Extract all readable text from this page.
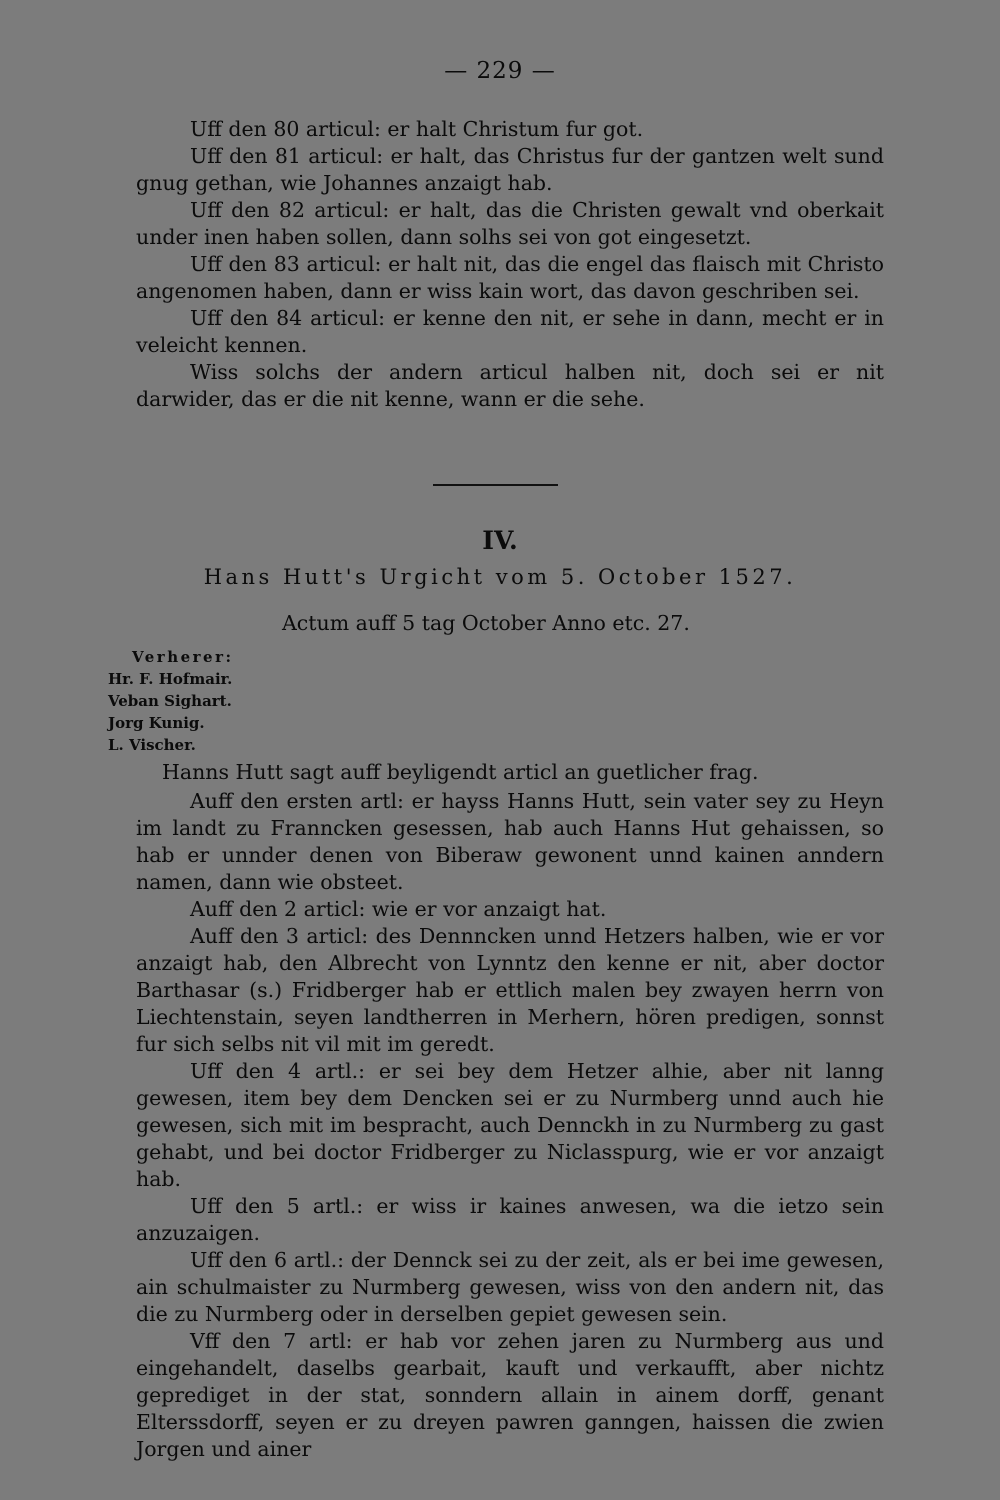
— 229 —

Uff den 80 articul: er halt Christum fur got.

Uff den 81 articul: er halt, das Christus fur der gantzen welt sund gnug gethan, wie Johannes anzaigt hab.

Uff den 82 articul: er halt, das die Christen gewalt vnd oberkait under inen haben sollen, dann solhs sei von got eingesetzt.

Uff den 83 articul: er halt nit, das die engel das flaisch mit Christo angenomen haben, dann er wiss kain wort, das davon geschriben sei.

Uff den 84 articul: er kenne den nit, er sehe in dann, mecht er in veleicht kennen.

Wiss solchs der andern articul halben nit, doch sei er nit darwider, das er die nit kenne, wann er die sehe.

IV.
Hans Hutt's Urgicht vom 5. October 1527.
Actum auff 5 tag October Anno etc. 27.
Verherer:
Hr. F. Hofmair.
Veban Sighart.
Jorg Kunig.
L. Vischer.
Hanns Hutt sagt auff beyligendt articl an guetlicher frag.

Auff den ersten artl: er hayss Hanns Hutt, sein vater sey zu Heyn im landt zu Franncken gesessen, hab auch Hanns Hut gehaissen, so hab er unnder denen von Biberaw gewonent unnd kainen anndern namen, dann wie obsteet.

Auff den 2 articl: wie er vor anzaigt hat.

Auff den 3 articl: des Dennncken unnd Hetzers halben, wie er vor anzaigt hab, den Albrecht von Lynntz den kenne er nit, aber doctor Barthasar (s.) Fridberger hab er ettlich malen bey zwayen herrn von Liechtenstain, seyen landtherren in Merhern, hören predigen, sonnst fur sich selbs nit vil mit im geredt.

Uff den 4 artl.: er sei bey dem Hetzer alhie, aber nit lanng gewesen, item bey dem Dencken sei er zu Nurmberg unnd auch hie gewesen, sich mit im bespracht, auch Dennckh in zu Nurmberg zu gast gehabt, und bei doctor Fridberger zu Niclasspurg, wie er vor anzaigt hab.

Uff den 5 artl.: er wiss ir kaines anwesen, wa die ietzo sein anzuzaigen.

Uff den 6 artl.: der Dennck sei zu der zeit, als er bei ime gewesen, ain schulmaister zu Nurmberg gewesen, wiss von den andern nit, das die zu Nurmberg oder in derselben gepiet gewesen sein.

Vff den 7 artl: er hab vor zehen jaren zu Nurmberg aus und eingehandelt, daselbs gearbait, kauft und verkaufft, aber nichtz geprediget in der stat, sonndern allain in ainem dorff, genant Elterssdorff, seyen er zu dreyen pawren ganngen, haissen die zwien Jorgen und ainer
